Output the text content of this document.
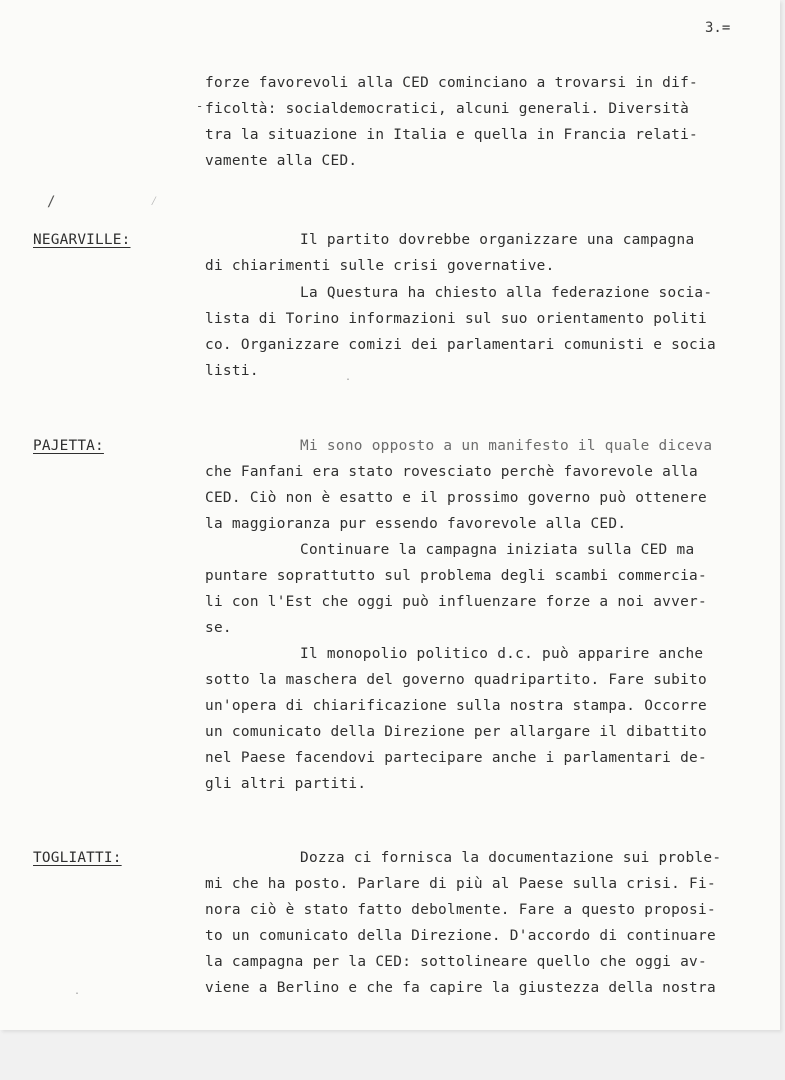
3.=
forze favorevoli alla CED cominciano a trovarsi in dif-
ficoltà: socialdemocratici, alcuni generali. Diversità
tra la situazione in Italia e quella in Francia relati-
vamente alla CED.
-
/	⁄
NEGARVILLE:	Il partito dovrebbe organizzare una campagna
di chiarimenti sulle crisi governative.
La Questura ha chiesto alla federazione socia-
lista di Torino informazioni sul suo orientamento politi
co. Organizzare comizi dei parlamentari comunisti e socia
listi.
PAJETTA:	Mi sono opposto a un manifesto il quale diceva
che Fanfani era stato rovesciato perchè favorevole alla
CED. Ciò non è esatto e il prossimo governo può ottenere
la maggioranza pur essendo favorevole alla CED.
Continuare la campagna iniziata sulla CED ma
puntare soprattutto sul problema degli scambi commercia-
li con l'Est che oggi può influenzare forze a noi avver-
se.
Il monopolio politico d.c. può apparire anche
sotto la maschera del governo quadripartito. Fare subito
un'opera di chiarificazione sulla nostra stampa. Occorre
un comunicato della Direzione per allargare il dibattito
nel Paese facendovi partecipare anche i parlamentari de-
gli altri partiti.
TOGLIATTI:	Dozza ci fornisca la documentazione sui proble-
mi che ha posto. Parlare di più al Paese sulla crisi. Fi-
nora ciò è stato fatto debolmente. Fare a questo proposi-
to un comunicato della Direzione. D'accordo di continuare
la campagna per la CED: sottolineare quello che oggi av-
viene a Berlino e che fa capire la giustezza della nostra
.
.
